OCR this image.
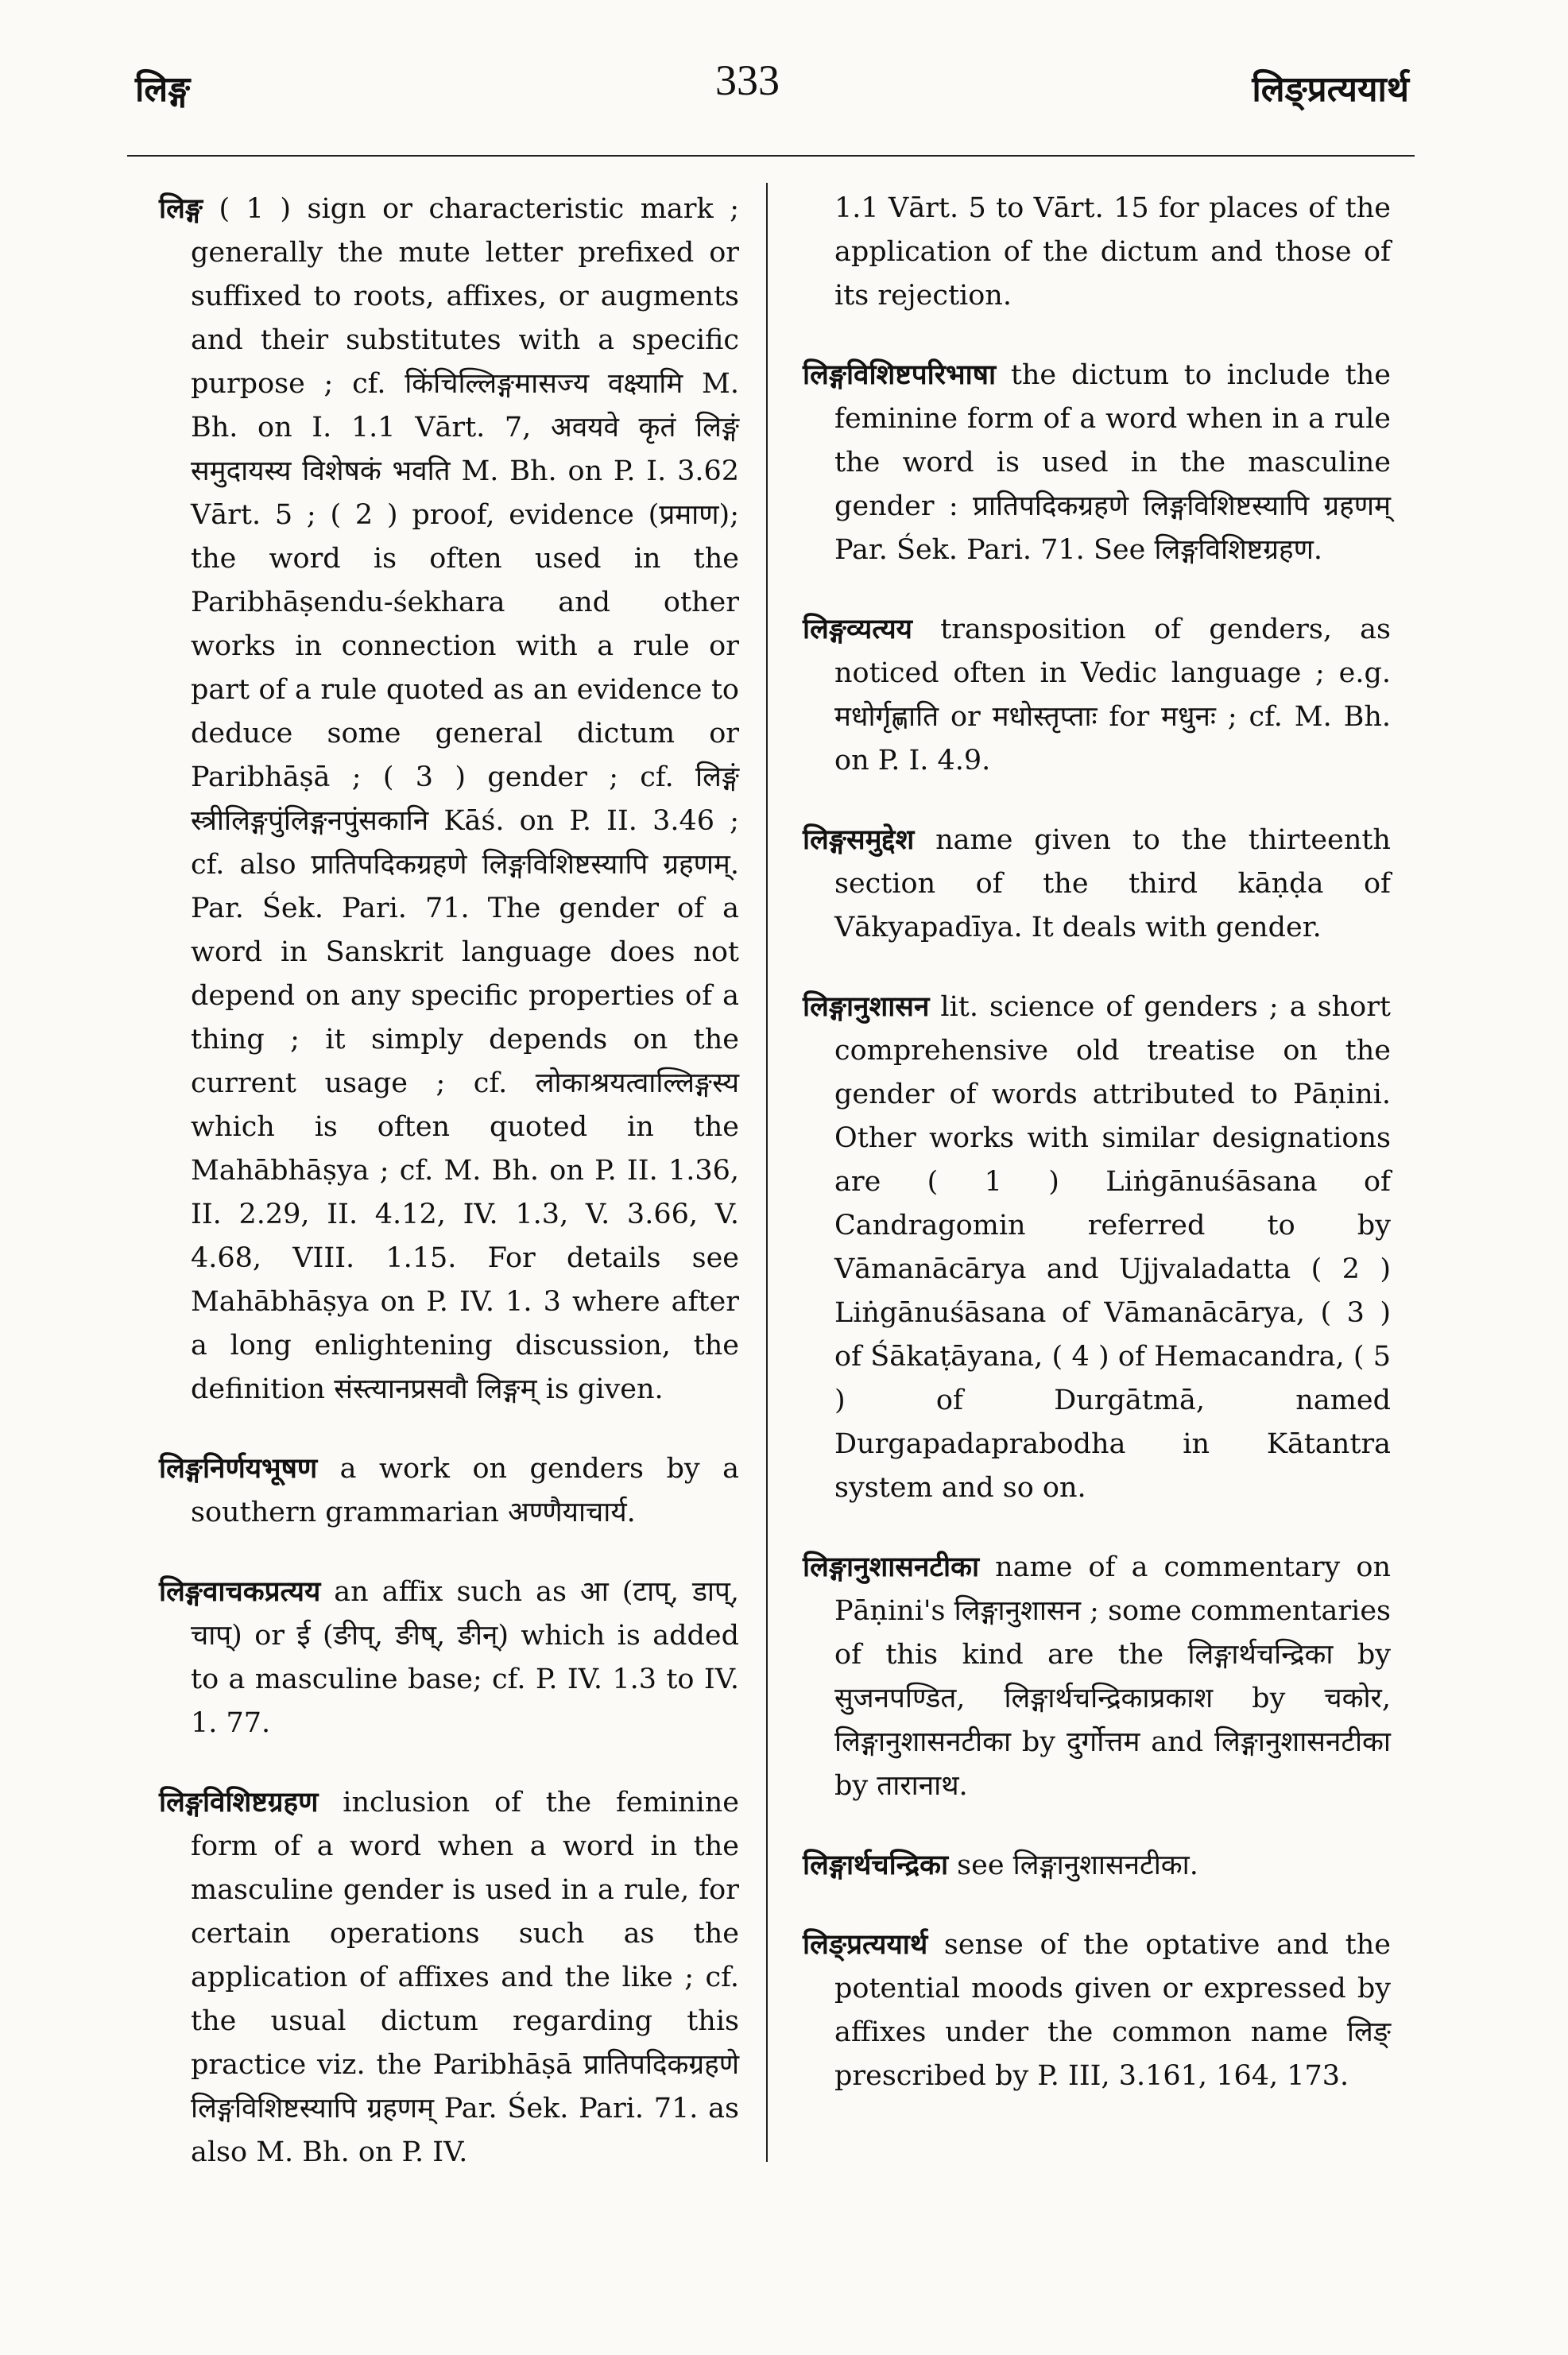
लिङ्ग	333	लिङ्प्रत्ययार्थ

लिङ्ग ( 1 ) sign or characteristic mark ; generally the mute letter prefixed or suffixed to roots, affixes, or augments and their substitutes with a specific purpose ; cf. किंचिल्लिङ्गमासज्य वक्ष्यामि M. Bh. on I. 1.1 Vārt. 7, अवयवे कृतं लिङ्गं समुदायस्य विशेषकं भवति M. Bh. on P. I. 3.62 Vārt. 5 ; ( 2 ) proof, evidence (प्रमाण); the word is often used in the Paribhāṣendu-śekhara and other works in connection with a rule or part of a rule quoted as an evidence to deduce some general dictum or Paribhāṣā ; ( 3 ) gender ; cf. लिङ्गं स्त्रीलिङ्गपुंलिङ्गनपुंसकानि Kāś. on P. II. 3.46 ; cf. also प्रातिपदिकग्रहणे लिङ्गविशिष्टस्यापि ग्रहणम्. Par. Śek. Pari. 71. The gender of a word in Sanskrit language does not depend on any specific properties of a thing ; it simply depends on the current usage ; cf. लोकाश्रयत्वाल्लिङ्गस्य which is often quoted in the Mahābhāṣya ; cf. M. Bh. on P. II. 1.36, II. 2.29, II. 4.12, IV. 1.3, V. 3.66, V. 4.68, VIII. 1.15. For details see Mahābhāṣya on P. IV. 1. 3 where after a long enlightening discussion, the definition संस्त्यानप्रसवौ लिङ्गम् is given.

लिङ्गनिर्णयभूषण a work on genders by a southern grammarian अण्णैयाचार्य.

लिङ्गवाचकप्रत्यय an affix such as आ (टाप्, डाप्, चाप्) or ई (ङीप्, ङीष्, ङीन्) which is added to a masculine base; cf. P. IV. 1.3 to IV. 1. 77.

लिङ्गविशिष्टग्रहण inclusion of the feminine form of a word when a word in the masculine gender is used in a rule, for certain operations such as the application of affixes and the like ; cf. the usual dictum regarding this practice viz. the Paribhāṣā प्रातिपदिकग्रहणे लिङ्गविशिष्टस्यापि ग्रहणम् Par. Śek. Pari. 71. as also M. Bh. on P. IV.

1.1 Vārt. 5 to Vārt. 15 for places of the application of the dictum and those of its rejection.

लिङ्गविशिष्टपरिभाषा the dictum to include the feminine form of a word when in a rule the word is used in the masculine gender : प्रातिपदिकग्रहणे लिङ्गविशिष्टस्यापि ग्रहणम् Par. Śek. Pari. 71. See लिङ्गविशिष्टग्रहण.

लिङ्गव्यत्यय transposition of genders, as noticed often in Vedic language ; e.g. मधोर्गृह्णाति or मधोस्तृप्ताः for मधुनः ; cf. M. Bh. on P. I. 4.9.

लिङ्गसमुद्देश name given to the thirteenth section of the third kāṇḍa of Vākyapadīya. It deals with gender.

लिङ्गानुशासन lit. science of genders ; a short comprehensive old treatise on the gender of words attributed to Pāṇini. Other works with similar designations are ( 1 ) Liṅgānuśāsana of Candragomin referred to by Vāmanācārya and Ujjvaladatta ( 2 ) Liṅgānuśāsana of Vāmanācārya, ( 3 ) of Śākaṭāyana, ( 4 ) of Hemacandra, ( 5 ) of Durgātmā, named Durgapadaprabodha in Kātantra system and so on.

लिङ्गानुशासनटीका name of a commentary on Pāṇini's लिङ्गानुशासन ; some commentaries of this kind are the लिङ्गार्थचन्द्रिका by सुजनपण्डित, लिङ्गार्थचन्द्रिकाप्रकाश by चकोर, लिङ्गानुशासनटीका by दुर्गोत्तम and लिङ्गानुशासनटीका by तारानाथ.

लिङ्गार्थचन्द्रिका see लिङ्गानुशासनटीका.

लिङ्प्रत्ययार्थ sense of the optative and the potential moods given or expressed by affixes under the common name लिङ् prescribed by P. III, 3.161, 164, 173.
